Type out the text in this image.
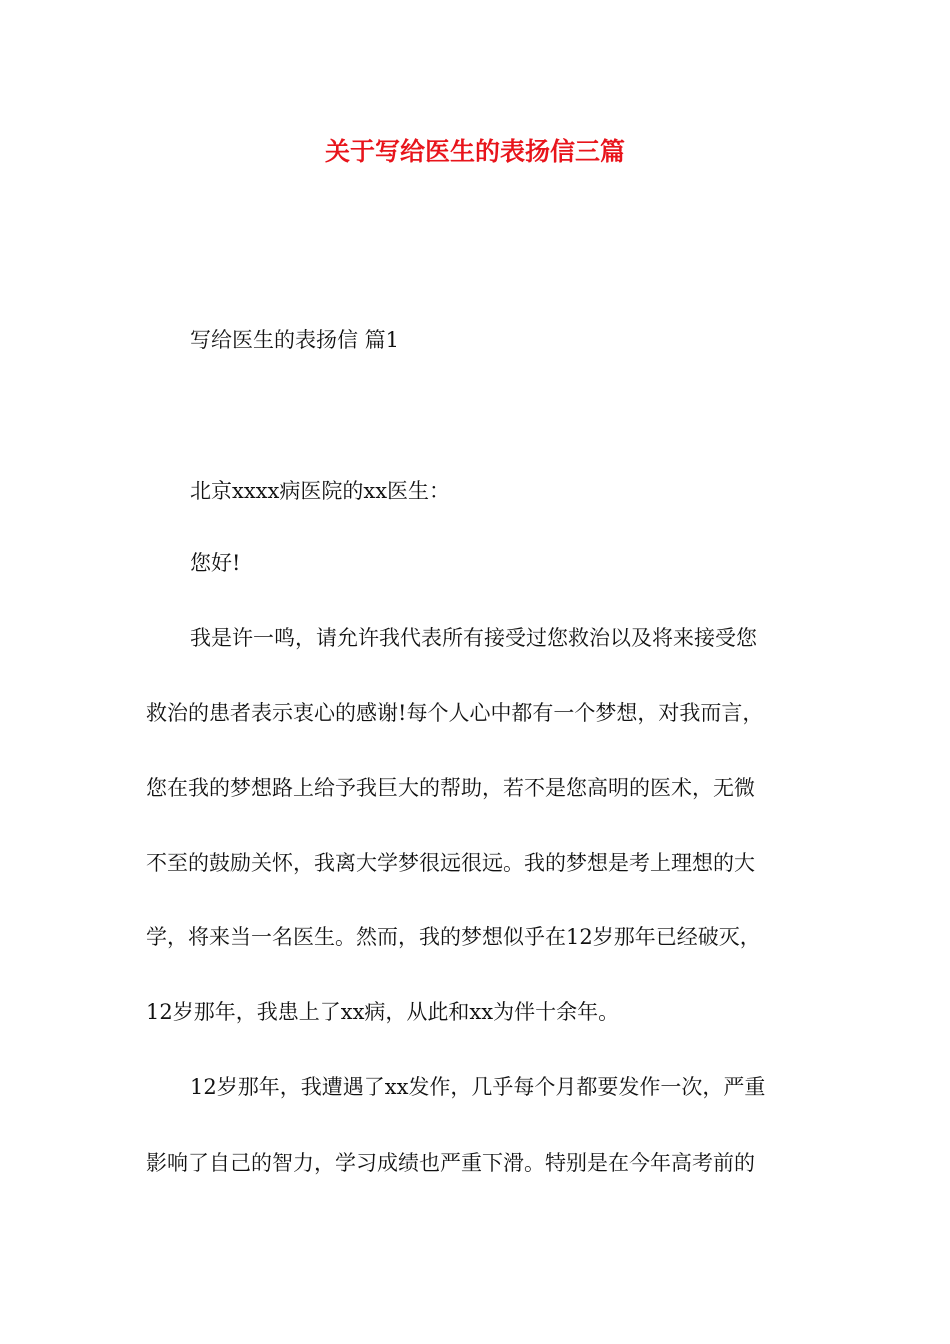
关于写给医生的表扬信三篇
写给医生的表扬信 篇1
北京xxxx病医院的xx医生：
您好!
我是许一鸣，请允许我代表所有接受过您救治以及将来接受您
救治的患者表示衷心的感谢!每个人心中都有一个梦想，对我而言，
您在我的梦想路上给予我巨大的帮助，若不是您高明的医术，无微
不至的鼓励关怀，我离大学梦很远很远。我的梦想是考上理想的大
学，将来当一名医生。然而，我的梦想似乎在12岁那年已经破灭，
12岁那年，我患上了xx病，从此和xx为伴十余年。
12岁那年，我遭遇了xx发作，几乎每个月都要发作一次，严重
影响了自己的智力，学习成绩也严重下滑。特别是在今年高考前的
